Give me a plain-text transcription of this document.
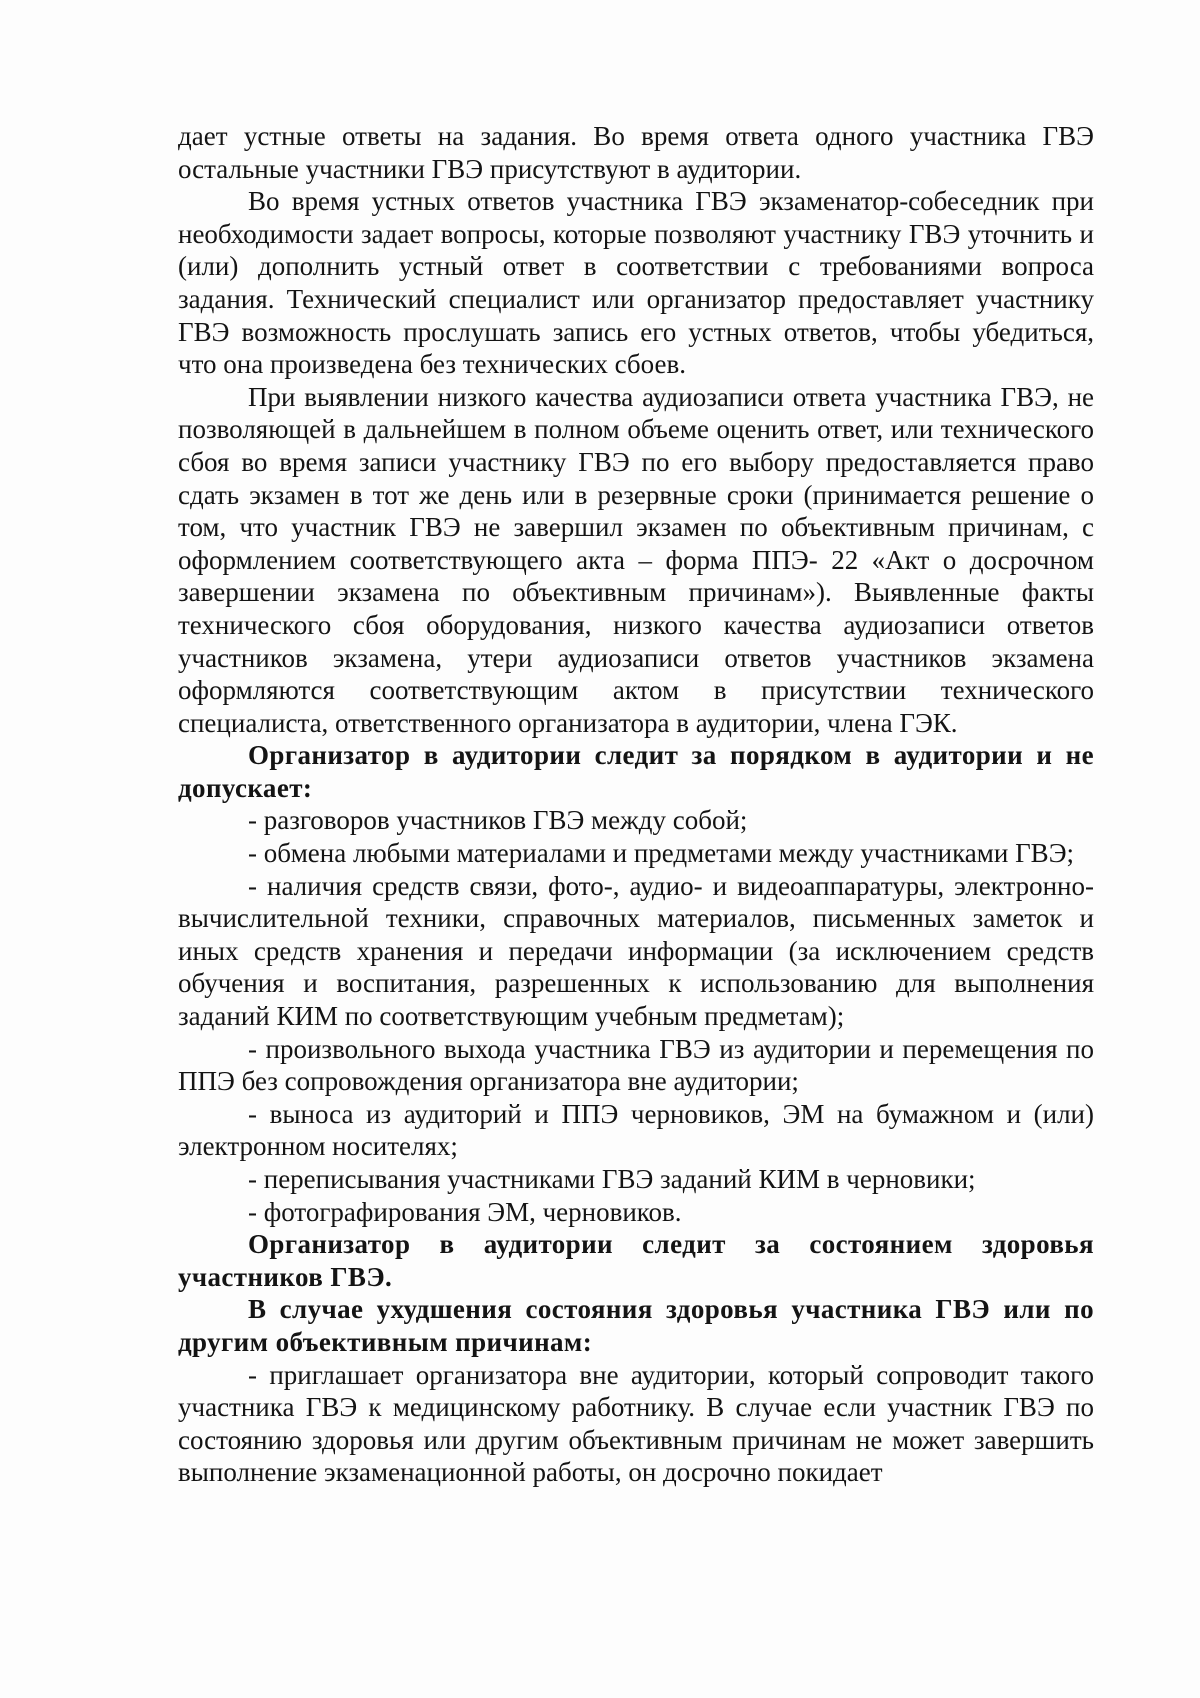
дает устные ответы на задания. Во время ответа одного участника ГВЭ остальные участники ГВЭ присутствуют в аудитории.

Во время устных ответов участника ГВЭ экзаменатор-собеседник при необходимости задает вопросы, которые позволяют участнику ГВЭ уточнить и (или) дополнить устный ответ в соответствии с требованиями вопроса задания. Технический специалист или организатор предоставляет участнику ГВЭ возможность прослушать запись его устных ответов, чтобы убедиться, что она произведена без технических сбоев.

При выявлении низкого качества аудиозаписи ответа участника ГВЭ, не позволяющей в дальнейшем в полном объеме оценить ответ, или технического сбоя во время записи участнику ГВЭ по его выбору предоставляется право сдать экзамен в тот же день или в резервные сроки (принимается решение о том, что участник ГВЭ не завершил экзамен по объективным причинам, с оформлением соответствующего акта – форма ППЭ- 22 «Акт о досрочном завершении экзамена по объективным причинам»). Выявленные факты технического сбоя оборудования, низкого качества аудиозаписи ответов участников экзамена, утери аудиозаписи ответов участников экзамена оформляются соответствующим актом в присутствии технического специалиста, ответственного организатора в аудитории, члена ГЭК.

Организатор в аудитории следит за порядком в аудитории и не допускает:

- разговоров участников ГВЭ между собой;

- обмена любыми материалами и предметами между участниками ГВЭ;

- наличия средств связи, фото-, аудио- и видеоаппаратуры, электронно- вычислительной техники, справочных материалов, письменных заметок и иных средств хранения и передачи информации (за исключением средств обучения и воспитания, разрешенных к использованию для выполнения заданий КИМ по соответствующим учебным предметам);

- произвольного выхода участника ГВЭ из аудитории и перемещения по ППЭ без сопровождения организатора вне аудитории;

- выноса из аудиторий и ППЭ черновиков, ЭМ на бумажном и (или) электронном носителях;

- переписывания участниками ГВЭ заданий КИМ в черновики;

- фотографирования ЭМ, черновиков.

Организатор в аудитории следит за состоянием здоровья участников ГВЭ.

В случае ухудшения состояния здоровья участника ГВЭ или по другим объективным причинам:

- приглашает организатора вне аудитории, который сопроводит такого участника ГВЭ к медицинскому работнику. В случае если участник ГВЭ по состоянию здоровья или другим объективным причинам не может завершить выполнение экзаменационной работы, он досрочно покидает
